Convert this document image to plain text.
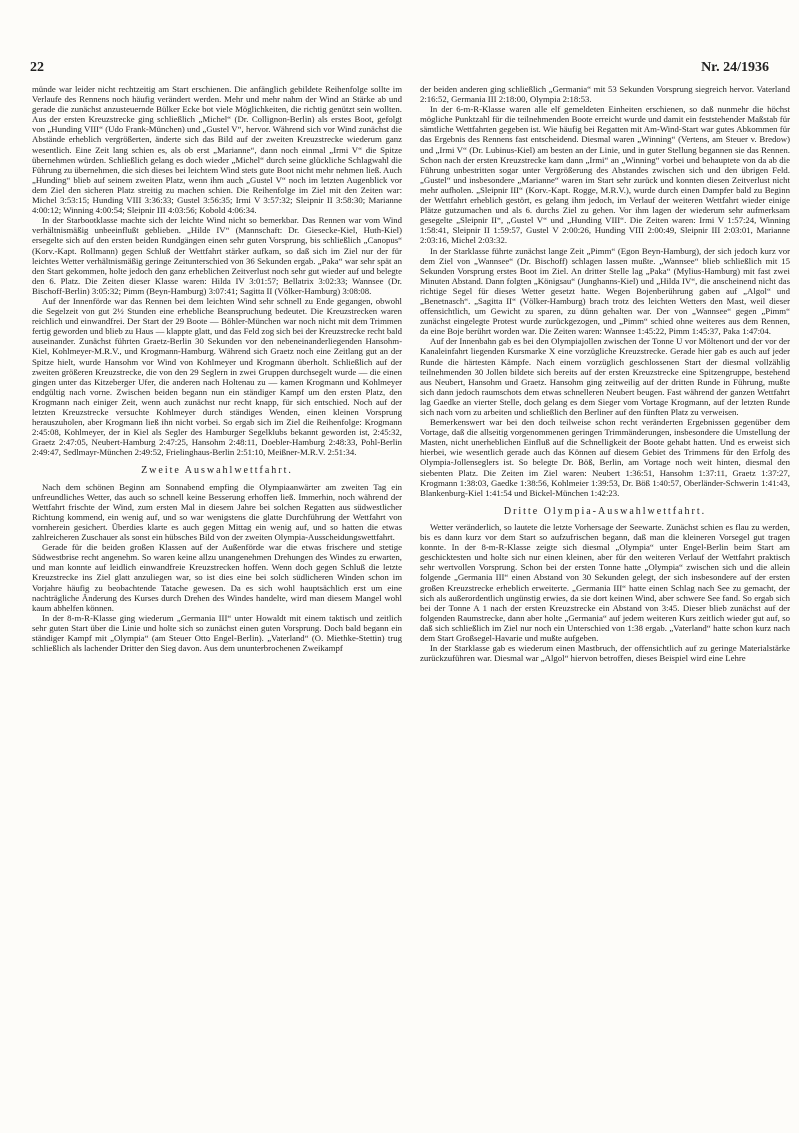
22	Nr. 24/1936

münde war leider nicht rechtzeitig am Start erschienen. Die anfänglich gebildete Reihenfolge sollte im Verlaufe des Rennens noch häufig verändert werden. Mehr und mehr nahm der Wind an Stärke ab und gerade die zunächst anzusteuernde Bülker Ecke bot viele Möglichkeiten, die richtig genützt sein wollten. Aus der ersten Kreuzstrecke ging schließlich „Michel“ (Dr. Collignon-Berlin) als erstes Boot, gefolgt von „Hunding VIII“ (Udo Frank-München) und „Gustel V“, hervor. Während sich vor Wind zunächst die Abstände erheblich vergrößerten, änderte sich das Bild auf der zweiten Kreuzstrecke wiederum ganz wesentlich. Eine Zeit lang schien es, als ob erst „Marianne“, dann noch einmal „Irmi V“ die Spitze übernehmen würden. Schließlich gelang es doch wieder „Michel“ durch seine glückliche Schlagwahl die Führung zu übernehmen, die sich dieses bei leichtem Wind stets gute Boot nicht mehr nehmen ließ. Auch „Hunding“ blieb auf seinem zweiten Platz, wenn ihm auch „Gustel V“ noch im letzten Augenblick vor dem Ziel den sicheren Platz streitig zu machen schien. Die Reihenfolge im Ziel mit den Zeiten war: Michel 3:53:15; Hunding VIII 3:36:33; Gustel 3:56:35; Irmi V 3:57:32; Sleipnir II 3:58:30; Marianne 4:00:12; Winning 4:00:54; Sleipnir III 4:03:56; Kobold 4:06:34.

In der Starbootklasse machte sich der leichte Wind nicht so bemerkbar. Das Rennen war vom Wind verhältnismäßig unbeeinflußt geblieben. „Hilde IV“ (Mannschaft: Dr. Giesecke-Kiel, Huth-Kiel) ersegelte sich auf den ersten beiden Rundgängen einen sehr guten Vorsprung, bis schließlich „Canopus“ (Korv.-Kapt. Rollmann) gegen Schluß der Wettfahrt stärker aufkam, so daß sich im Ziel nur der für leichtes Wetter verhältnismäßig geringe Zeitunterschied von 36 Sekunden ergab. „Paka“ war sehr spät an den Start gekommen, holte jedoch den ganz erheblichen Zeitverlust noch sehr gut wieder auf und belegte den 6. Platz. Die Zeiten dieser Klasse waren: Hilda IV 3:01:57; Bellatrix 3:02:33; Wannsee (Dr. Bischoff-Berlin) 3:05:32; Pimm (Beyn-Hamburg) 3:07:41; Sagitta II (Völker-Hamburg) 3:08:08.

Auf der Innenförde war das Rennen bei dem leichten Wind sehr schnell zu Ende gegangen, obwohl die Segelzeit von gut 2½ Stunden eine erhebliche Beanspruchung bedeutet. Die Kreuzstrecken waren reichlich und einwandfrei. Der Start der 29 Boote — Böhler-München war noch nicht mit dem Trimmen fertig geworden und blieb zu Haus — klappte glatt, und das Feld zog sich bei der Kreuzstrecke recht bald auseinander. Zunächst führten Graetz-Berlin 30 Sekunden vor den nebeneinanderliegenden Hansohm-Kiel, Kohlmeyer-M.R.V., und Krogmann-Hamburg. Während sich Graetz noch eine Zeitlang gut an der Spitze hielt, wurde Hansohm vor Wind von Kohlmeyer und Krogmann überholt. Schließlich auf der zweiten größeren Kreuzstrecke, die von den 29 Seglern in zwei Gruppen durchsegelt wurde — die einen gingen unter das Kitzeberger Ufer, die anderen nach Holtenau zu — kamen Krogmann und Kohlmeyer endgültig nach vorne. Zwischen beiden begann nun ein ständiger Kampf um den ersten Platz, den Krogmann nach einiger Zeit, wenn auch zunächst nur recht knapp, für sich entschied. Noch auf der letzten Kreuzstrecke versuchte Kohlmeyer durch ständiges Wenden, einen kleinen Vorsprung herauszuholen, aber Krogmann ließ ihn nicht vorbei. So ergab sich im Ziel die Reihenfolge: Krogmann 2:45:08, Kohlmeyer, der in Kiel als Segler des Hamburger Segelklubs bekannt geworden ist, 2:45:32, Graetz 2:47:05, Neubert-Hamburg 2:47:25, Hansohm 2:48:11, Doebler-Hamburg 2:48:33, Pohl-Berlin 2:49:47, Sedlmayr-München 2:49:52, Frielinghaus-Berlin 2:51:10, Meißner-M.R.V. 2:51:34.

Zweite Auswahlwettfahrt.

Nach dem schönen Beginn am Sonnabend empfing die Olympiaanwärter am zweiten Tag ein unfreundliches Wetter, das auch so schnell keine Besserung erhoffen ließ. Immerhin, noch während der Wettfahrt frischte der Wind, zum ersten Mal in diesem Jahre bei solchen Regatten aus südwestlicher Richtung kommend, ein wenig auf, und so war wenigstens die glatte Durchführung der Wettfahrt von vornherein gesichert. Überdies klarte es auch gegen Mittag ein wenig auf, und so hatten die etwas zahlreicheren Zuschauer als sonst ein hübsches Bild von der zweiten Olympia-Ausscheidungswettfahrt.

Gerade für die beiden großen Klassen auf der Außenförde war die etwas frischere und stetige Südwestbrise recht angenehm. So waren keine allzu unangenehmen Drehungen des Windes zu erwarten, und man konnte auf leidlich einwandfreie Kreuzstrecken hoffen. Wenn doch gegen Schluß die letzte Kreuzstrecke ins Ziel glatt anzuliegen war, so ist dies eine bei solch südlicheren Winden schon im Vorjahre häufig zu beobachtende Tatache gewesen. Da es sich wohl hauptsächlich erst um eine nachträgliche Änderung des Kurses durch Drehen des Windes handelte, wird man diesem Mangel wohl kaum abhelfen können.

In der 8-m-R-Klasse ging wiederum „Germania III“ unter Howaldt mit einem taktisch und zeitlich sehr guten Start über die Linie und holte sich so zunächst einen guten Vorsprung. Doch bald begann ein ständiger Kampf mit „Olympia“ (am Steuer Otto Engel-Berlin). „Vaterland“ (O. Miethke-Stettin) trug schließlich als lachender Dritter den Sieg davon. Aus dem ununterbrochenen Zweikampf

der beiden anderen ging schließlich „Germania“ mit 53 Sekunden Vorsprung siegreich hervor. Vaterland 2:16:52, Germania III 2:18:00, Olympia 2:18:53.

In der 6-m-R-Klasse waren alle elf gemeldeten Einheiten erschienen, so daß nunmehr die höchst mögliche Punktzahl für die teilnehmenden Boote erreicht wurde und damit ein feststehender Maßstab für sämtliche Wettfahrten gegeben ist. Wie häufig bei Regatten mit Am-Wind-Start war gutes Abkommen für das Ergebnis des Rennens fast entscheidend. Diesmal waren „Winning“ (Vertens, am Steuer v. Bredow) und „Irmi V“ (Dr. Lubinus-Kiel) am besten an der Linie, und in guter Stellung begannen sie das Rennen. Schon nach der ersten Kreuzstrecke kam dann „Irmi“ an „Winning“ vorbei und behauptete von da ab die Führung unbestritten sogar unter Vergrößerung des Abstandes zwischen sich und den übrigen Feld. „Gustel“ und insbesondere „Marianne“ waren im Start sehr zurück und konnten diesen Zeitverlust nicht mehr aufholen. „Sleipnir III“ (Korv.-Kapt. Rogge, M.R.V.), wurde durch einen Dampfer bald zu Beginn der Wettfahrt erheblich gestört, es gelang ihm jedoch, im Verlauf der weiteren Wettfahrt wieder einige Plätze gutzumachen und als 6. durchs Ziel zu gehen. Vor ihm lagen der wiederum sehr aufmerksam gesegelte „Sleipnir II“, „Gustel V“ und „Hunding VIII“. Die Zeiten waren: Irmi V 1:57:24, Winning 1:58:41, Sleipnir II 1:59:57, Gustel V 2:00:26, Hunding VIII 2:00:49, Sleipnir III 2:03:01, Marianne 2:03:16, Michel 2:03:32.

In der Starklasse führte zunächst lange Zeit „Pimm“ (Egon Beyn-Hamburg), der sich jedoch kurz vor dem Ziel von „Wannsee“ (Dr. Bischoff) schlagen lassen mußte. „Wannsee“ blieb schließlich mit 15 Sekunden Vorsprung erstes Boot im Ziel. An dritter Stelle lag „Paka“ (Mylius-Hamburg) mit fast zwei Minuten Abstand. Dann folgten „Königsau“ (Junghanns-Kiel) und „Hilda IV“, die anscheinend nicht das richtige Segel für dieses Wetter gesetzt hatte. Wegen Bojenberührung gaben auf „Algol“ und „Benetnasch“. „Sagitta II“ (Völker-Hamburg) brach trotz des leichten Wetters den Mast, weil dieser offensichtlich, um Gewicht zu sparen, zu dünn gehalten war. Der von „Wannsee“ gegen „Pimm“ zunächst eingelegte Protest wurde zurückgezogen, und „Pimm“ schied ohne weiteres aus dem Rennen, da eine Boje berührt worden war. Die Zeiten waren: Wannsee 1:45:22, Pimm 1:45:37, Paka 1:47:04.

Auf der Innenbahn gab es bei den Olympiajollen zwischen der Tonne U vor Möltenort und der vor der Kanaleinfahrt liegenden Kursmarke X eine vorzügliche Kreuzstrecke. Gerade hier gab es auch auf jeder Runde die härtesten Kämpfe. Nach einem vorzüglich geschlossenen Start der diesmal vollzählig teilnehmenden 30 Jollen bildete sich bereits auf der ersten Kreuzstrecke eine Spitzengruppe, bestehend aus Neubert, Hansohm und Graetz. Hansohm ging zeitweilig auf der dritten Runde in Führung, mußte sich dann jedoch raumschots dem etwas schnelleren Neubert beugen. Fast während der ganzen Wettfahrt lag Gaedke an vierter Stelle, doch gelang es dem Sieger vom Vortage Krogmann, auf der letzten Runde sich nach vorn zu arbeiten und schließlich den Berliner auf den fünften Platz zu verweisen.

Bemerkenswert war bei den doch teilweise schon recht veränderten Ergebnissen gegenüber dem Vortage, daß die allseitig vorgenommenen geringen Trimmänderungen, insbesondere die Umstellung der Masten, nicht unerheblichen Einfluß auf die Schnelligkeit der Boote gehabt hatten. Und es erweist sich hierbei, wie wesentlich gerade auch das Können auf diesem Gebiet des Trimmens für den Erfolg des Olympia-Jollenseglers ist. So belegte Dr. Böß, Berlin, am Vortage noch weit hinten, diesmal den siebenten Platz. Die Zeiten im Ziel waren: Neubert 1:36:51, Hansohm 1:37:11, Graetz 1:37:27, Krogmann 1:38:03, Gaedke 1:38:56, Kohlmeier 1:39:53, Dr. Böß 1:40:57, Oberländer-Schwerin 1:41:43, Blankenburg-Kiel 1:41:54 und Bickel-München 1:42:23.

Dritte Olympia-Auswahlwettfahrt.

Wetter veränderlich, so lautete die letzte Vorhersage der Seewarte. Zunächst schien es flau zu werden, bis es dann kurz vor dem Start so aufzufrischen begann, daß man die kleineren Vorsegel gut tragen konnte. In der 8-m-R-Klasse zeigte sich diesmal „Olympia“ unter Engel-Berlin beim Start am geschicktesten und holte sich nur einen kleinen, aber für den weiteren Verlauf der Wettfahrt praktisch sehr wertvollen Vorsprung. Schon bei der ersten Tonne hatte „Olympia“ zwischen sich und die allein folgende „Germania III“ einen Abstand von 30 Sekunden gelegt, der sich insbesondere auf der ersten großen Kreuzstrecke erheblich erweiterte. „Germania III“ hatte einen Schlag nach See zu gemacht, der sich als außerordentlich ungünstig erwies, da sie dort keinen Wind, aber schwere See fand. So ergab sich bei der Tonne A 1 nach der ersten Kreuzstrecke ein Abstand von 3:45. Dieser blieb zunächst auf der folgenden Raumstrecke, dann aber holte „Germania“ auf jedem weiteren Kurs zeitlich wieder gut auf, so daß sich schließlich im Ziel nur noch ein Unterschied von 1:38 ergab. „Vaterland“ hatte schon kurz nach dem Start Großsegel-Havarie und mußte aufgeben.

In der Starklasse gab es wiederum einen Mastbruch, der offensichtlich auf zu geringe Materialstärke zurückzuführen war. Diesmal war „Algol“ hiervon betroffen, dieses Beispiel wird eine Lehre
